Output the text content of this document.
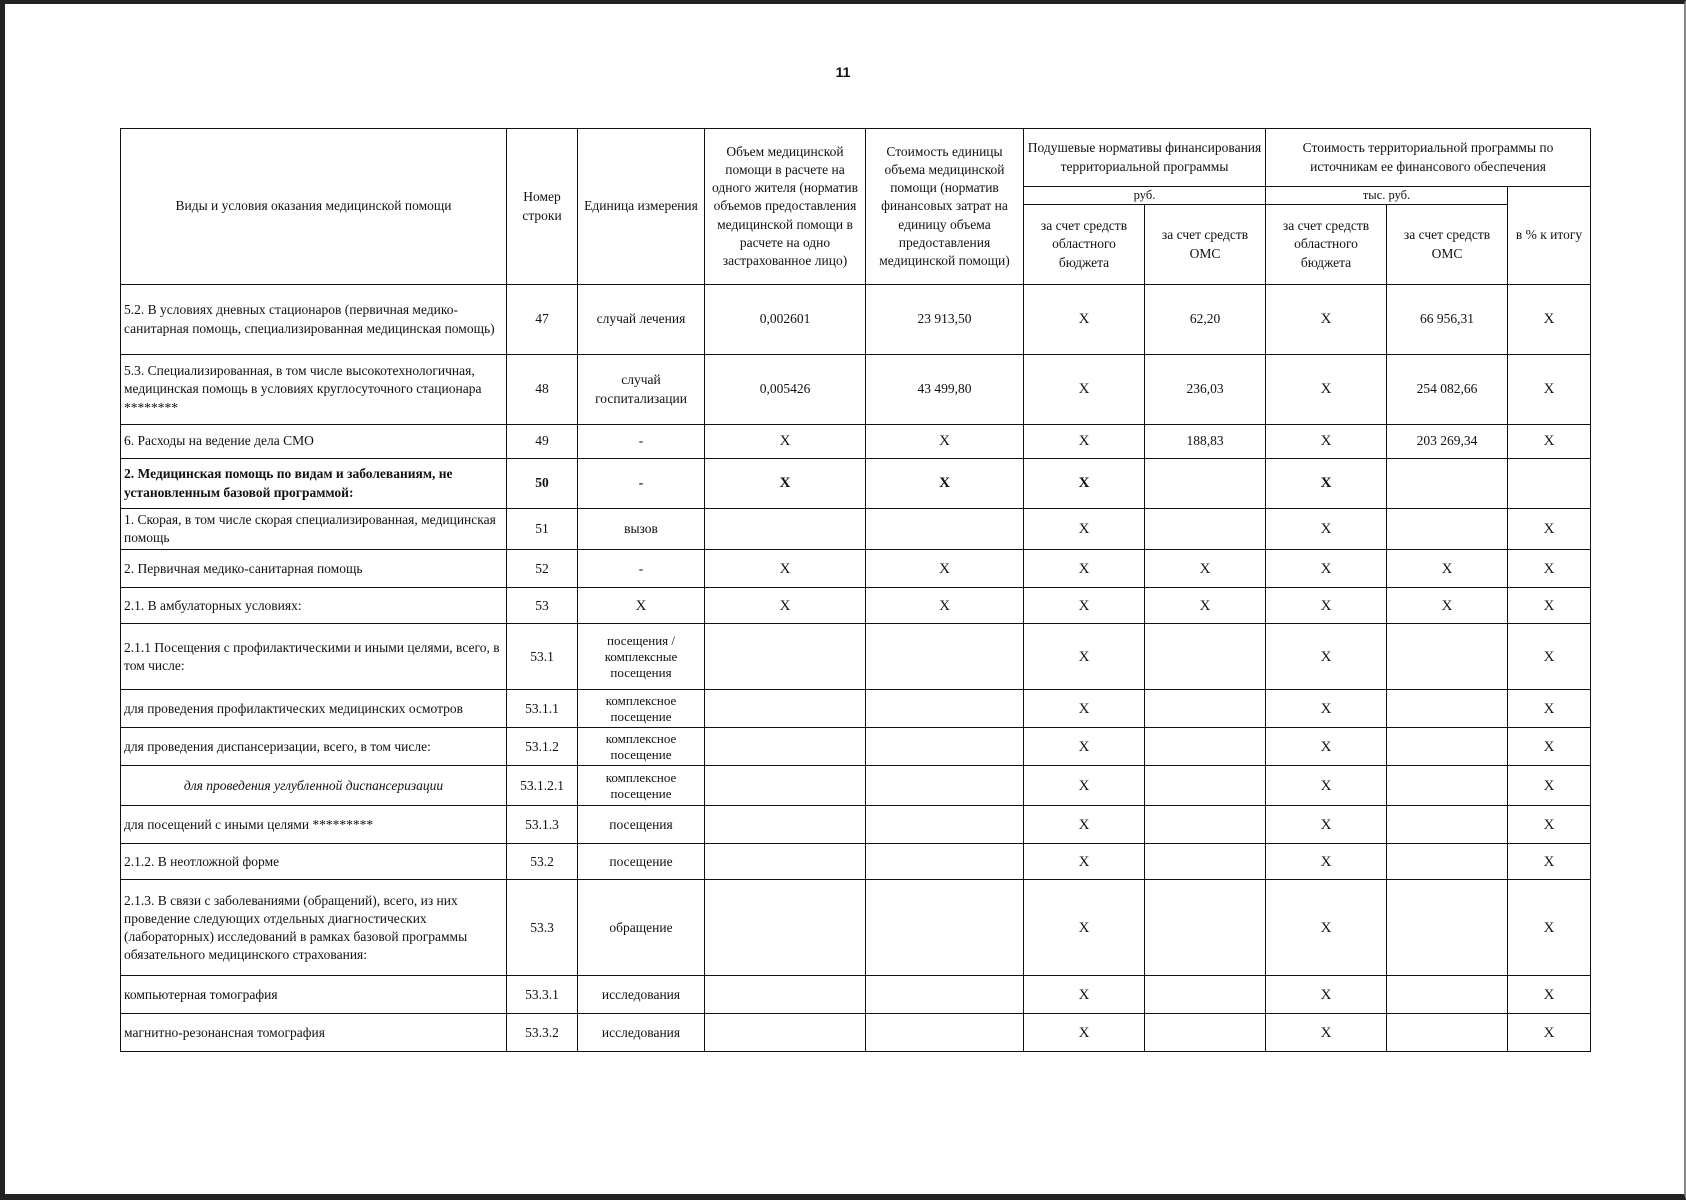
11
Виды и условия оказания медицинской помощи	Номер строки	Единица измерения	Объем медицинской помощи в расчете на одного жителя (норматив объемов предоставления медицинской помощи в расчете на одно застрахованное лицо)	Стоимость единицы объема медицинской помощи (норматив финансовых затрат на единицу объема предоставления медицинской помощи)	Подушевые нормативы финансирования территориальной программы		Стоимость территориальной программы по источникам ее финансового обеспечения		
					руб.		тыс. руб.		в % к итогу
					за счет средств областного бюджета	за счет средств ОМС	за счет средств областного бюджета	за счет средств ОМС	
5.2. В условиях дневных стационаров (первичная медико-санитарная помощь, специализированная медицинская помощь)	47	случай лечения	0,002601	23 913,50	X	62,20	X	66 956,31	X
5.3. Специализированная, в том числе высокотехнологичная, медицинская помощь в условиях круглосуточного стационара ********	48	случай госпитализации	0,005426	43 499,80	X	236,03	X	254 082,66	X
6. Расходы на ведение дела СМО	49	-	X	X	X	188,83	X	203 269,34	X
2. Медицинская помощь по видам и заболеваниям, не установленным базовой программой:	50	-	X	X	X		X		
1. Скорая, в том числе скорая специализированная, медицинская помощь	51	вызов			X		X		X
2. Первичная медико-санитарная помощь	52	-	X	X	X	X	X	X	X
2.1. В амбулаторных условиях:	53	X	X	X	X	X	X	X	X
2.1.1 Посещения с профилактическими и иными целями, всего, в том числе:	53.1	посещения / комплексные посещения			X		X		X
для проведения профилактических медицинских осмотров	53.1.1	комплексное посещение			X		X		X
для проведения диспансеризации, всего, в том числе:	53.1.2	комплексное посещение			X		X		X
для проведения углубленной диспансеризации	53.1.2.1	комплексное посещение			X		X		X
для посещений с иными целями *********	53.1.3	посещения			X		X		X
2.1.2. В неотложной форме	53.2	посещение			X		X		X
2.1.3. В связи с заболеваниями (обращений), всего, из них проведение следующих отдельных диагностических (лабораторных) исследований в рамках базовой программы обязательного медицинского страхования:	53.3	обращение			X		X		X
компьютерная томография	53.3.1	исследования			X		X		X
магнитно-резонансная томография	53.3.2	исследования			X		X		X
